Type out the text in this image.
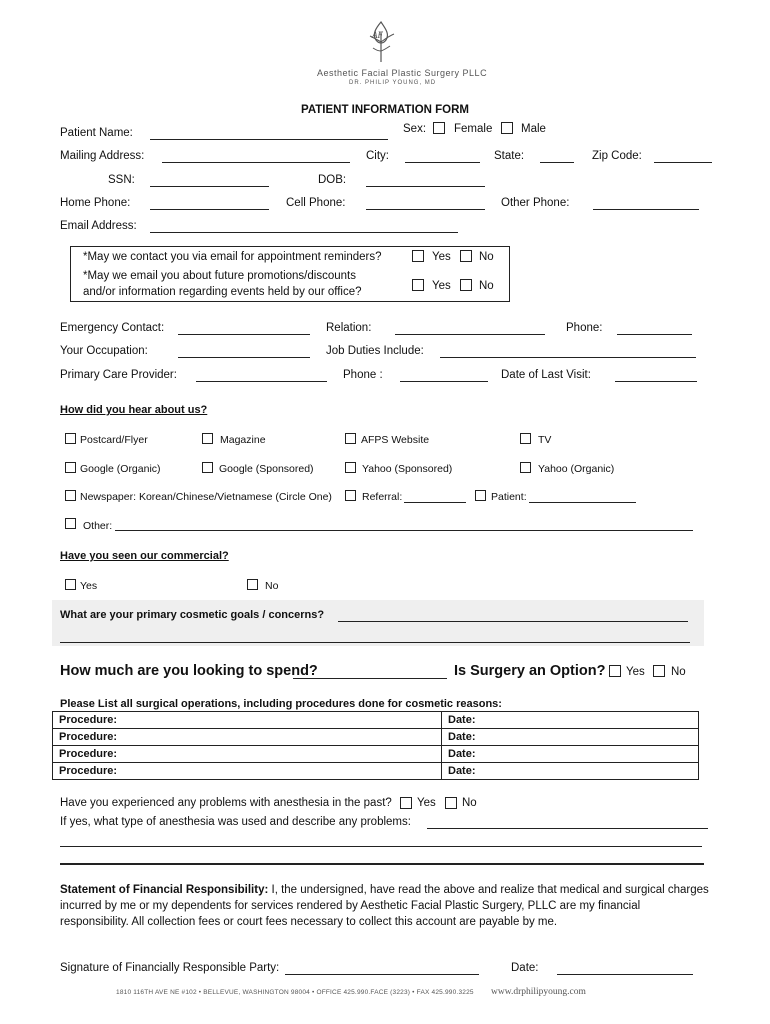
AF
Aesthetic Facial Plastic Surgery PLLC
DR. PHILIP YOUNG, MD
PATIENT INFORMATION FORM
Patient Name:	Sex: Female Male
Mailing Address:	City:	State:	Zip Code:
SSN:	DOB:
Home Phone:	Cell Phone:	Other Phone:
Email Address:
*May we contact you via email for appointment reminders?	Yes No
*May we email you about future promotions/discounts
and/or information regarding events held by our office?	Yes No
Emergency Contact:	Relation:	Phone:
Your Occupation:	Job Duties Include:
Primary Care Provider:	Phone :	Date of Last Visit:
How did you hear about us?
Postcard/Flyer	Magazine	AFPS Website	TV
Google (Organic)	Google (Sponsored)	Yahoo (Sponsored)	Yahoo (Organic)
Newspaper: Korean/Chinese/Vietnamese (Circle One)	Referral:	Patient:
Other:
Have you seen our commercial?
Yes	No
What are your primary cosmetic goals / concerns?
How much are you looking to spend?	Is Surgery an Option? Yes No
Please List all surgical operations, including procedures done for cosmetic reasons:
Procedure:	Date:
Procedure:	Date:
Procedure:	Date:
Procedure:	Date:
Have you experienced any problems with anesthesia in the past? Yes No
If yes, what type of anesthesia was used and describe any problems:
Statement of Financial Responsibility: I, the undersigned, have read the above and realize that medical and surgical charges
incurred by me or my dependents for services rendered by Aesthetic Facial Plastic Surgery, PLLC are my financial
responsibility. All collection fees or court fees necessary to collect this account are payable by me.
Signature of Financially Responsible Party:	Date:
1810 116TH AVE NE #102 • BELLEVUE, WASHINGTON 98004 • OFFICE 425.990.FACE (3223) • FAX 425.990.3225 www.drphilipyoung.com
